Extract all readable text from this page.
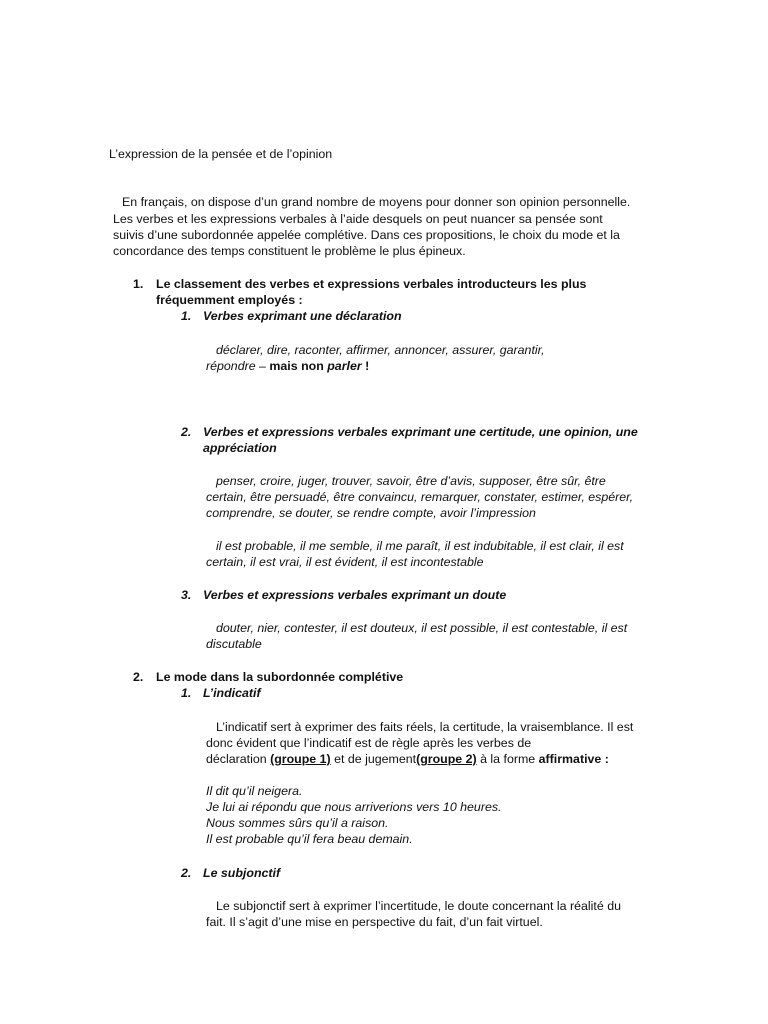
L’expression de la pensée et de l’opinion
En français, on dispose d’un grand nombre de moyens pour donner son opinion personnelle.
Les verbes et les expressions verbales à l’aide desquels on peut nuancer sa pensée sont
suivis d’une subordonnée appelée complétive. Dans ces propositions, le choix du mode et la
concordance des temps constituent le problème le plus épineux.
1. Le classement des verbes et expressions verbales introducteurs les plus
fréquemment employés :
1. Verbes exprimant une déclaration
déclarer, dire, raconter, affirmer, annoncer, assurer, garantir,
répondre – mais non parler !
2. Verbes et expressions verbales exprimant une certitude, une opinion, une
appréciation
penser, croire, juger, trouver, savoir, être d’avis, supposer, être sûr, être
certain, être persuadé, être convaincu, remarquer, constater, estimer, espérer,
comprendre, se douter, se rendre compte, avoir l’impression
il est probable, il me semble, il me paraît, il est indubitable, il est clair, il est
certain, il est vrai, il est évident, il est incontestable
3. Verbes et expressions verbales exprimant un doute
douter, nier, contester, il est douteux, il est possible, il est contestable, il est
discutable
2. Le mode dans la subordonnée complétive
1. L’indicatif
L’indicatif sert à exprimer des faits réels, la certitude, la vraisemblance. Il est
donc évident que l’indicatif est de règle après les verbes de
déclaration (groupe 1) et de jugement(groupe 2) à la forme affirmative :
Il dit qu’il neigera.
Je lui ai répondu que nous arriverions vers 10 heures.
Nous sommes sûrs qu’il a raison.
Il est probable qu’il fera beau demain.
2. Le subjonctif
Le subjonctif sert à exprimer l’incertitude, le doute concernant la réalité du
fait. Il s’agit d’une mise en perspective du fait, d’un fait virtuel.
